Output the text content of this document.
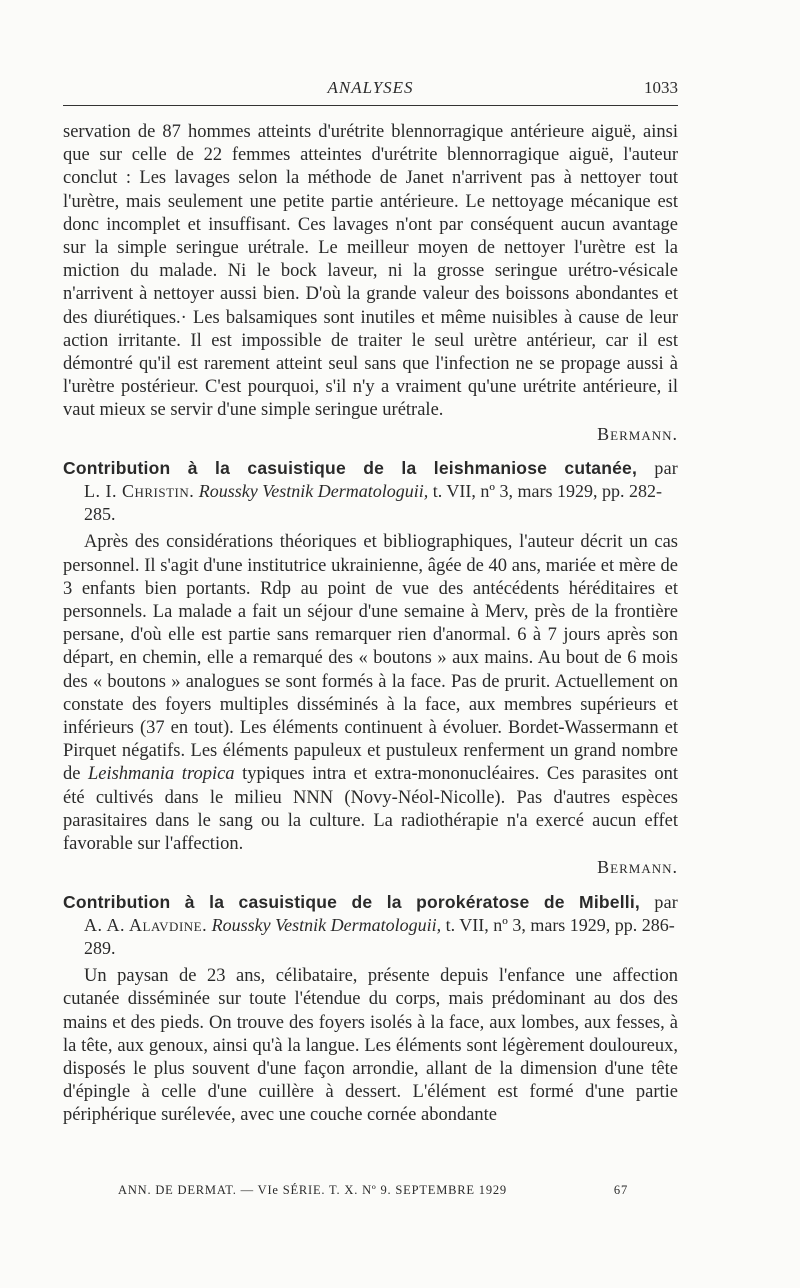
ANALYSES	1033

servation de 87 hommes atteints d'urétrite blennorragique antérieure aiguë, ainsi que sur celle de 22 femmes atteintes d'urétrite blennorragique aiguë, l'auteur conclut : Les lavages selon la méthode de Janet n'arrivent pas à nettoyer tout l'urètre, mais seulement une petite partie antérieure. Le nettoyage mécanique est donc incomplet et insuffisant. Ces lavages n'ont par conséquent aucun avantage sur la simple seringue urétrale. Le meilleur moyen de nettoyer l'urètre est la miction du malade. Ni le bock laveur, ni la grosse seringue urétro-vésicale n'arrivent à nettoyer aussi bien. D'où la grande valeur des boissons abondantes et des diurétiques.· Les balsamiques sont inutiles et même nuisibles à cause de leur action irritante. Il est impossible de traiter le seul urètre antérieur, car il est démontré qu'il est rarement atteint seul sans que l'infection ne se propage aussi à l'urètre postérieur. C'est pourquoi, s'il n'y a vraiment qu'une urétrite antérieure, il vaut mieux se servir d'une simple seringue urétrale.

Bermann.

Contribution à la casuistique de la leishmaniose cutanée, par

L. I. Christin. Roussky Vestnik Dermatologuii, t. VII, nº 3, mars 1929, pp. 282-285.

Après des considérations théoriques et bibliographiques, l'auteur décrit un cas personnel. Il s'agit d'une institutrice ukrainienne, âgée de 40 ans, mariée et mère de 3 enfants bien portants. Rdp au point de vue des antécédents héréditaires et personnels. La malade a fait un séjour d'une semaine à Merv, près de la frontière persane, d'où elle est partie sans remarquer rien d'anormal. 6 à 7 jours après son départ, en chemin, elle a remarqué des « boutons » aux mains. Au bout de 6 mois des « boutons » analogues se sont formés à la face. Pas de prurit. Actuellement on constate des foyers multiples disséminés à la face, aux membres supérieurs et inférieurs (37 en tout). Les éléments continuent à évoluer. Bordet-Wassermann et Pirquet négatifs. Les éléments papuleux et pustuleux renferment un grand nombre de Leishmania tropica typiques intra et extra-mononucléaires. Ces parasites ont été cultivés dans le milieu NNN (Novy-Néol-Nicolle). Pas d'autres espèces parasitaires dans le sang ou la culture. La radiothérapie n'a exercé aucun effet favorable sur l'affection.

Bermann.

Contribution à la casuistique de la porokératose de Mibelli, par

A. A. Alavdine. Roussky Vestnik Dermatologuii, t. VII, nº 3, mars 1929, pp. 286-289.

Un paysan de 23 ans, célibataire, présente depuis l'enfance une affection cutanée disséminée sur toute l'étendue du corps, mais prédominant au dos des mains et des pieds. On trouve des foyers isolés à la face, aux lombes, aux fesses, à la tête, aux genoux, ainsi qu'à la langue. Les éléments sont légèrement douloureux, disposés le plus souvent d'une façon arrondie, allant de la dimension d'une tête d'épingle à celle d'une cuillère à dessert. L'élément est formé d'une partie périphérique surélevée, avec une couche cornée abondante

ANN. DE DERMAT. — VIe SÉRIE. T. X. Nº 9. SEPTEMBRE 1929	67
